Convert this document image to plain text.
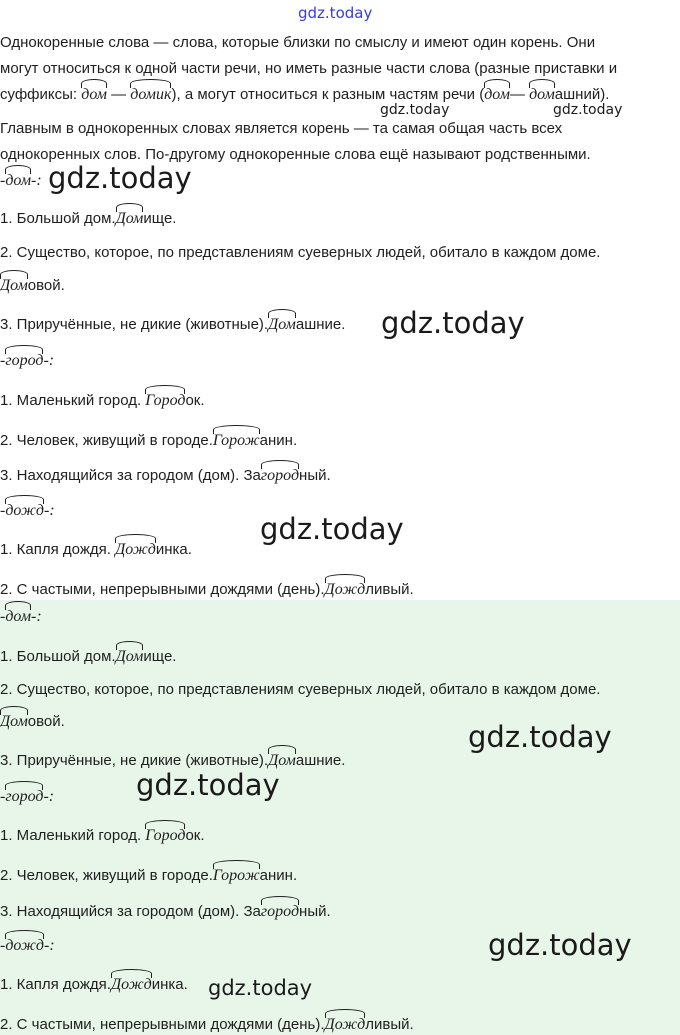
gdz.today
Однокоренные слова — слова, которые близки по смыслу и имеют один корень. Они
могут относиться к одной части речи, но иметь разные части слова (разные приставки и
суффиксы: дом — домик), а могут относиться к разным частям речи (дом— домашний).
Главным в однокоренных словах является корень — та самая общая часть всех
однокоренных слов. По-другому однокоренные слова ещё называют родственными.
gdz.today	gdz.today
-дом-: gdz.today
1. Большой дом.Домище.
2. Существо, которое, по представлениям суеверных людей, обитало в каждом доме.
Домовой.
3. Приручённые, не дикие (животные).Домашние. gdz.today
-город-:
1. Маленький город. Городок.
2. Человек, живущий в городе.Горожанин.
3. Находящийся за городом (дом). Загородный.
-дожд-:
gdz.today
1. Капля дождя. Дождинка.
2. С частыми, непрерывными дождями (день).Дождливый.
-дом-:
1. Большой дом.Домище.
2. Существо, которое, по представлениям суеверных людей, обитало в каждом доме.
Домовой.	gdz.today
3. Приручённые, не дикие (животные).Домашние.
-город-:	gdz.today
1. Маленький город. Городок.
2. Человек, живущий в городе.Горожанин.
3. Находящийся за городом (дом). Загородный.
-дожд-:	gdz.today
1. Капля дождя.Дождинка. gdz.today
2. С частыми, непрерывными дождями (день).Дождливый.
